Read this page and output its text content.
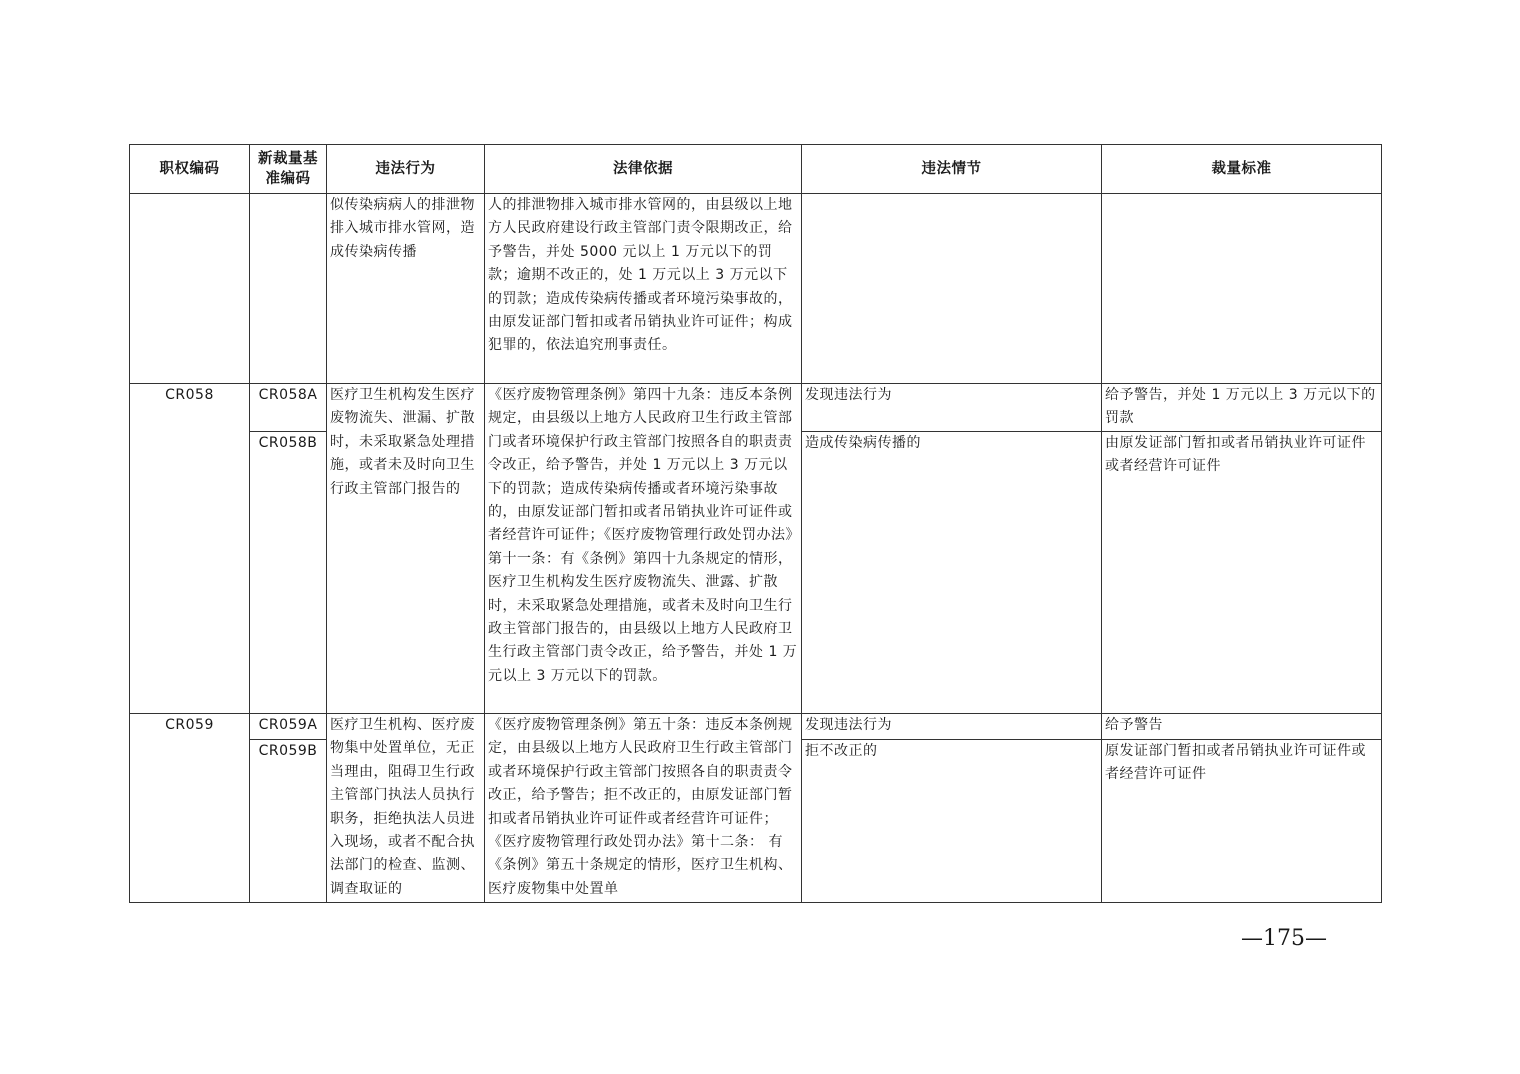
职权编码	新裁量基准编码	违法行为	法律依据	违法情节	裁量标准
		似传染病病人的排泄物排入城市排水管网，造成传染病传播	人的排泄物排入城市排水管网的，由县级以上地方人民政府建设行政主管部门责令限期改正，给予警告，并处 5000 元以上 1 万元以下的罚款；逾期不改正的，处 1 万元以上 3 万元以下的罚款；造成传染病传播或者环境污染事故的，由原发证部门暂扣或者吊销执业许可证件；构成犯罪的，依法追究刑事责任。		
CR058	CR058A	医疗卫生机构发生医疗废物流失、泄漏、扩散时，未采取紧急处理措施，或者未及时向卫生行政主管部门报告的	《医疗废物管理条例》第四十九条：违反本条例规定，由县级以上地方人民政府卫生行政主管部门或者环境保护行政主管部门按照各自的职责责令改正，给予警告，并处 1 万元以上 3 万元以下的罚款；造成传染病传播或者环境污染事故的，由原发证部门暂扣或者吊销执业许可证件或者经营许可证件；《医疗废物管理行政处罚办法》第十一条：有《条例》第四十九条规定的情形，医疗卫生机构发生医疗废物流失、泄露、扩散时，未采取紧急处理措施，或者未及时向卫生行政主管部门报告的，由县级以上地方人民政府卫生行政主管部门责令改正，给予警告，并处 1 万元以上 3 万元以下的罚款。	发现违法行为	给予警告，并处 1 万元以上 3 万元以下的罚款
	CR058B			造成传染病传播的	由原发证部门暂扣或者吊销执业许可证件或者经营许可证件
CR059	CR059A	医疗卫生机构、医疗废物集中处置单位，无正当理由，阻碍卫生行政主管部门执法人员执行职务，拒绝执法人员进入现场，或者不配合执法部门的检查、监测、调查取证的	《医疗废物管理条例》第五十条：违反本条例规定，由县级以上地方人民政府卫生行政主管部门或者环境保护行政主管部门按照各自的职责责令改正，给予警告；拒不改正的，由原发证部门暂扣或者吊销执业许可证件或者经营许可证件；《医疗废物管理行政处罚办法》第十二条： 有《条例》第五十条规定的情形，医疗卫生机构、医疗废物集中处置单	发现违法行为	给予警告
	CR059B			拒不改正的	原发证部门暂扣或者吊销执业许可证件或者经营许可证件
—175—
